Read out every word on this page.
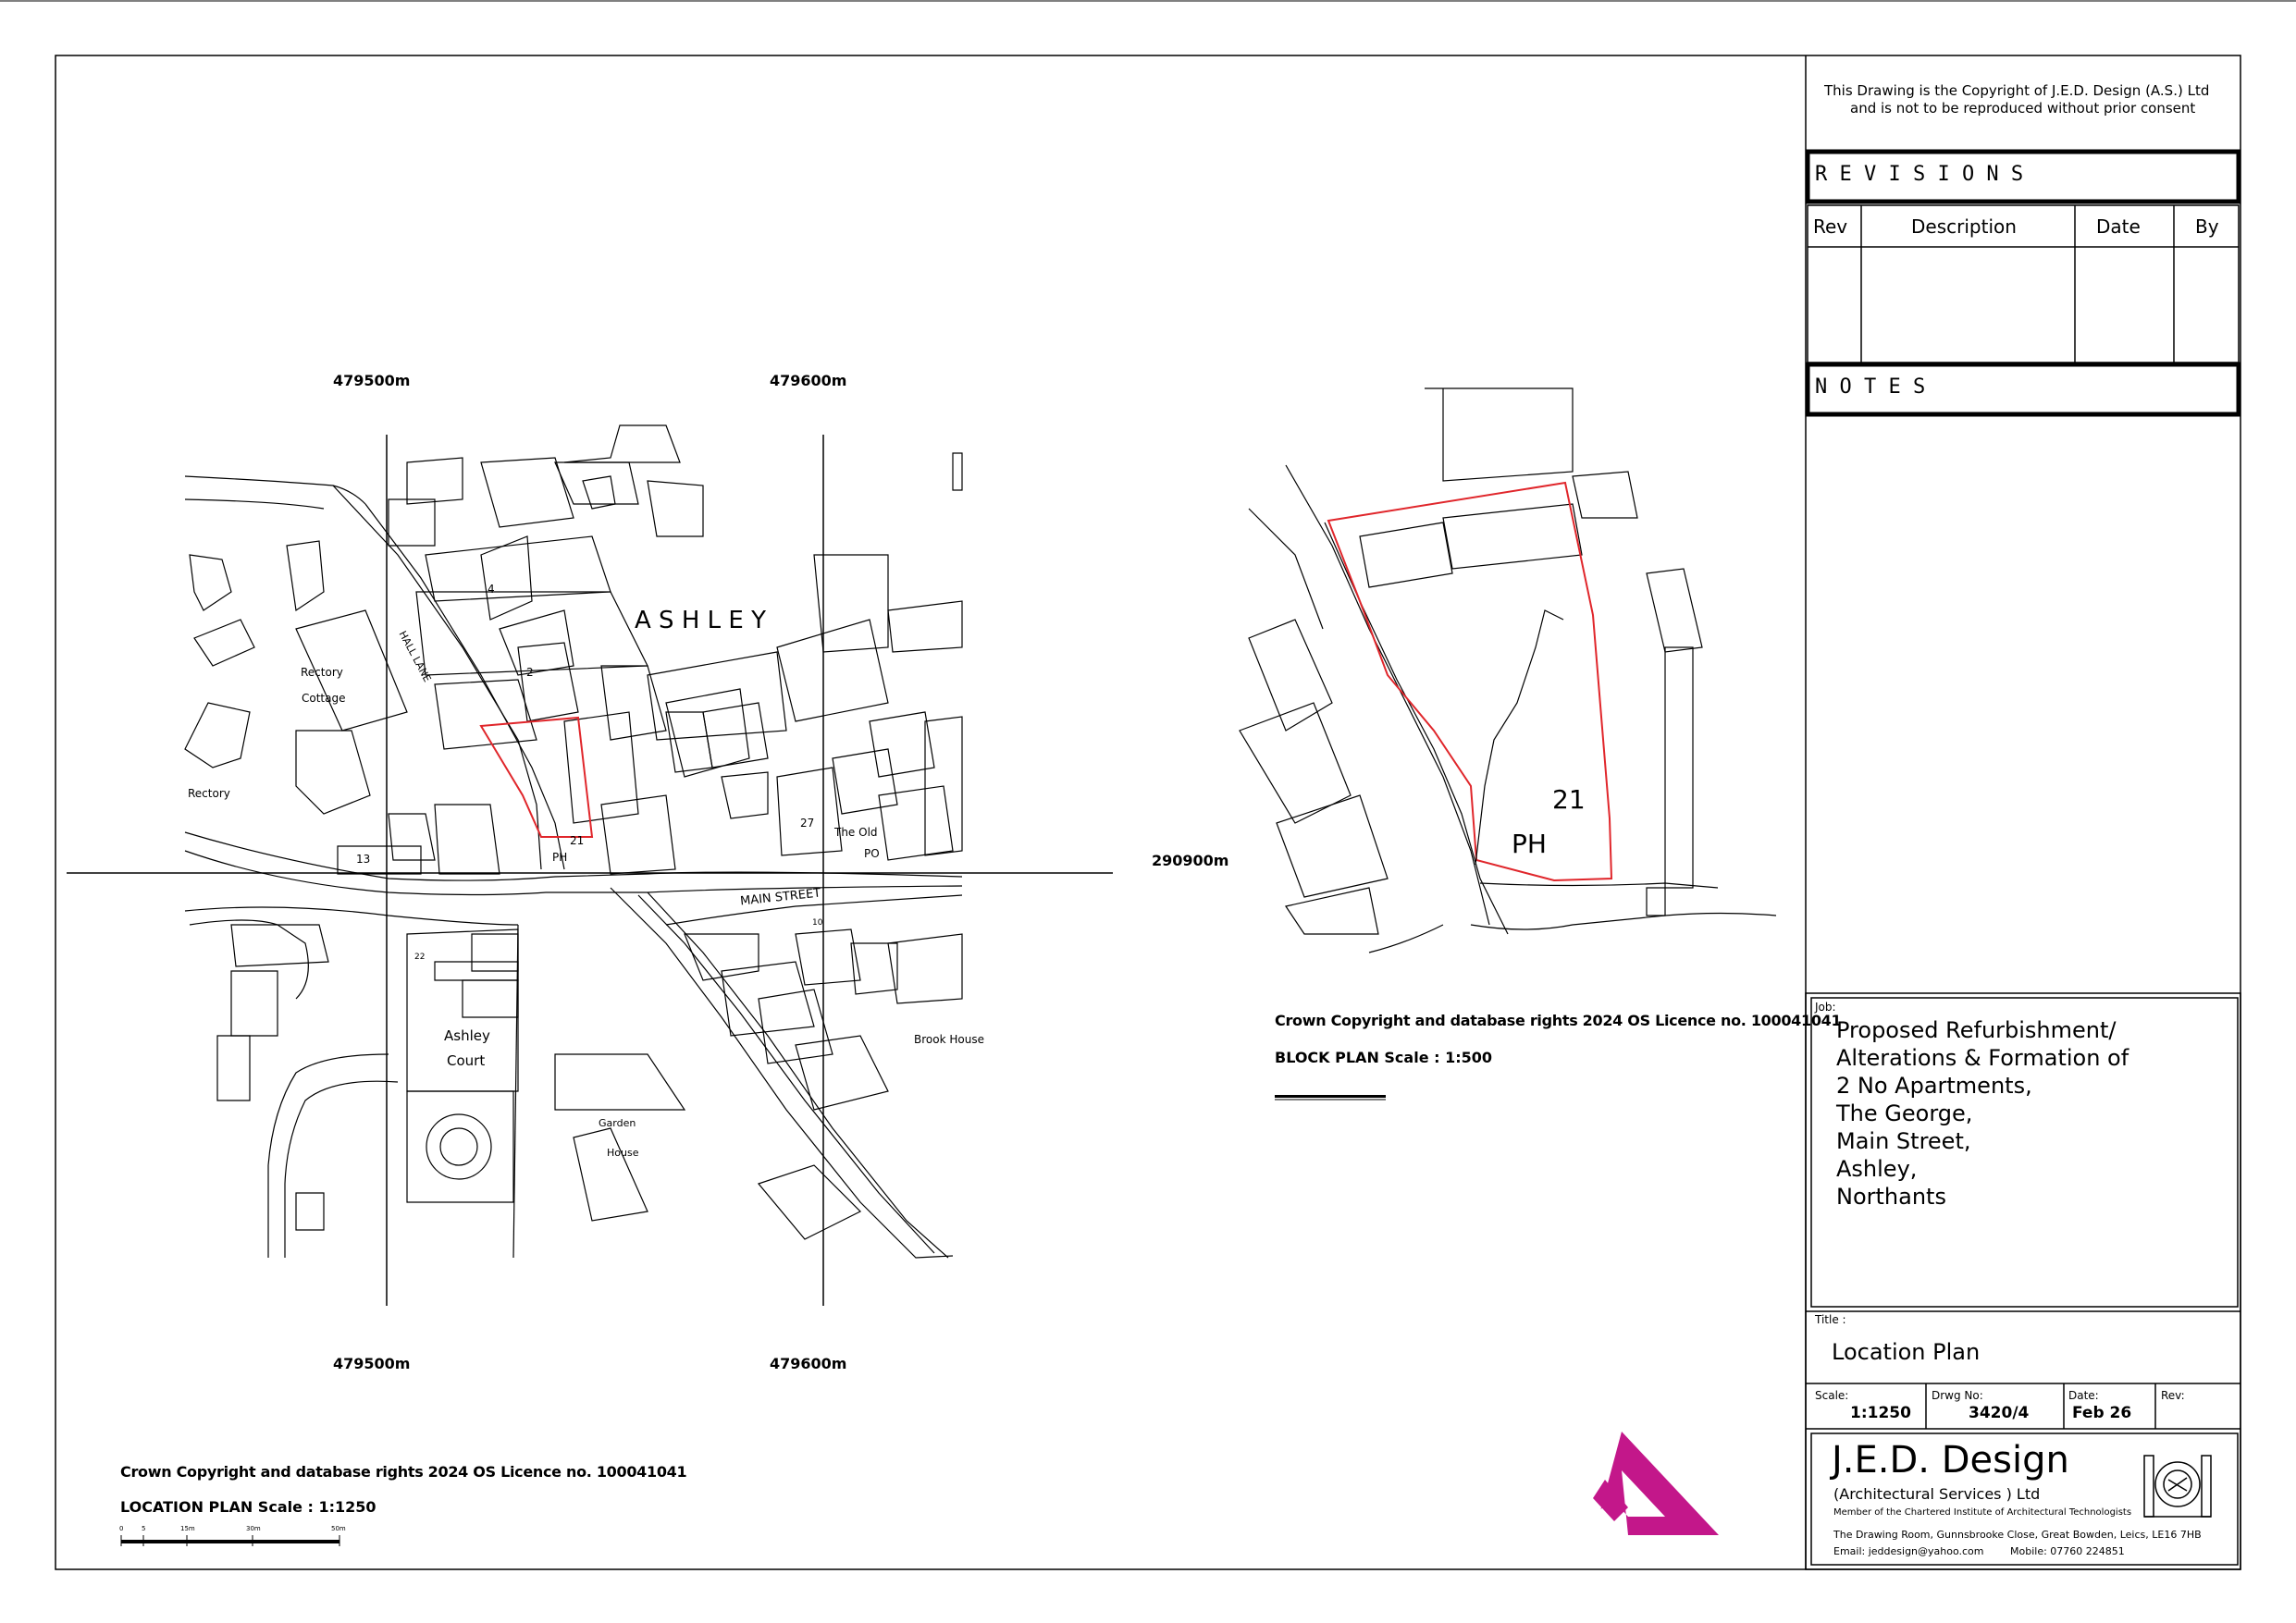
This Drawing is the Copyright of J.E.D. Design (A.S.) Ltd
and is not to be reproduced without prior consent
R E V I S I O N S
Rev	Description	Date	By
N O T E S
479500m	479600m
479500m	479600m
290900m
A S H L E Y
HALL LANE
MAIN STREET
Rectory
Cottage
Rectory
4
2
13
21
PH
27
The Old
PO
22
10
Ashley
Court
Garden
House
Brook House
21
PH
Crown Copyright and database rights 2024 OS Licence no. 100041041
BLOCK PLAN Scale : 1:500
Crown Copyright and database rights 2024 OS Licence no. 100041041
LOCATION PLAN Scale : 1:1250
0	5	15m	30m	50m
Job:
Proposed Refurbishment/
Alterations & Formation of
2 No Apartments,
The George,
Main Street,
Ashley,
Northants
Title :
Location Plan
Scale:
1:1250
Drwg No:
3420/4
Date:
Feb 26
Rev:
J.E.D. Design
(Architectural Services ) Ltd
Member of the Chartered Institute of Architectural Technologists
The Drawing Room, Gunnsbrooke Close, Great Bowden, Leics, LE16 7HB
Email: jeddesign@yahoo.com	Mobile: 07760 224851
